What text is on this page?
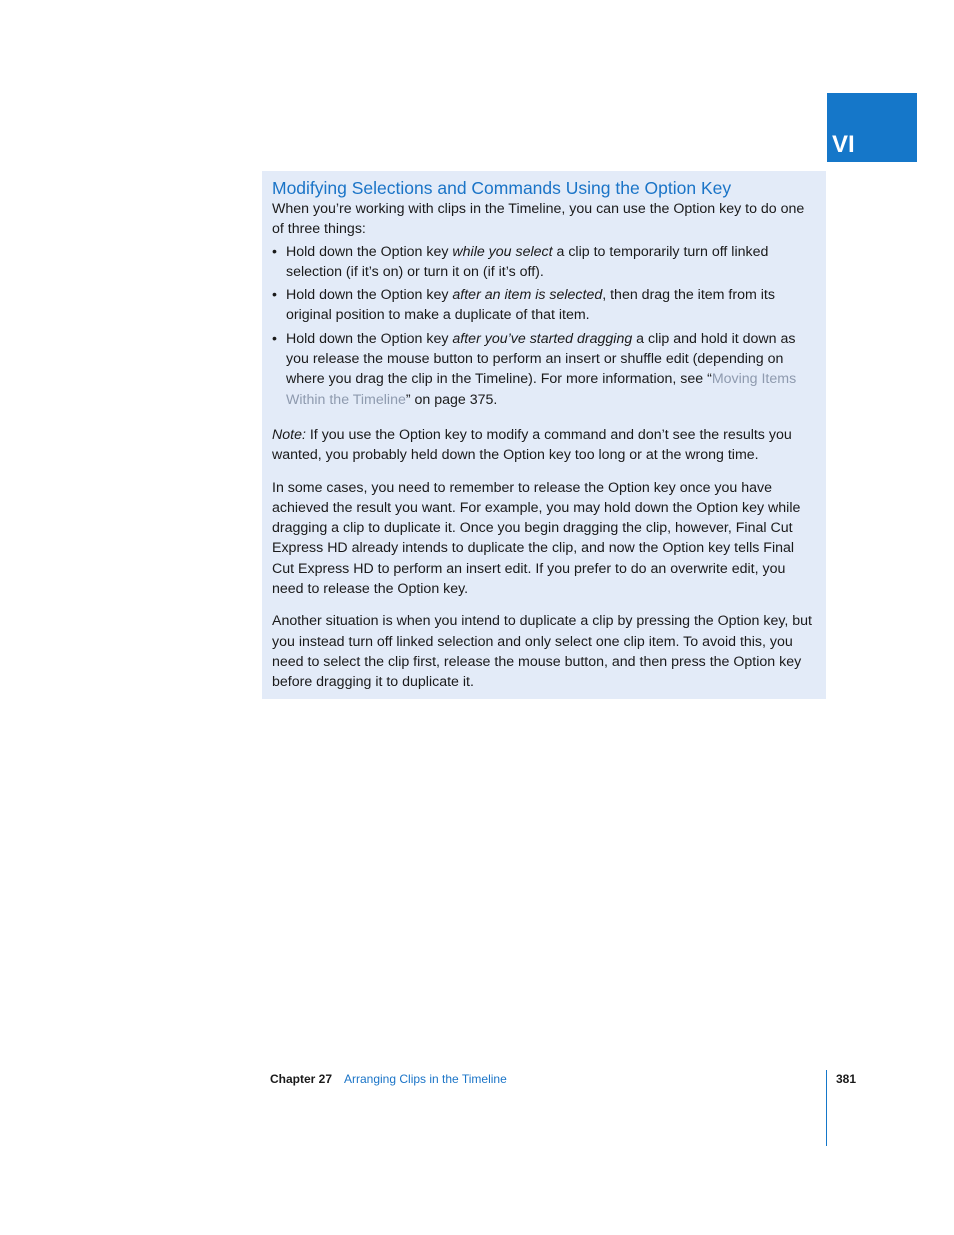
VI
Modifying Selections and Commands Using the Option Key

When you’re working with clips in the Timeline, you can use the Option key to do one of three things:

• Hold down the Option key while you select a clip to temporarily turn off linked selection (if it’s on) or turn it on (if it’s off).
• Hold down the Option key after an item is selected, then drag the item from its original position to make a duplicate of that item.
• Hold down the Option key after you’ve started dragging a clip and hold it down as you release the mouse button to perform an insert or shuffle edit (depending on where you drag the clip in the Timeline). For more information, see “Moving Items Within the Timeline” on page 375.

Note: If you use the Option key to modify a command and don’t see the results you wanted, you probably held down the Option key too long or at the wrong time.

In some cases, you need to remember to release the Option key once you have achieved the result you want. For example, you may hold down the Option key while dragging a clip to duplicate it. Once you begin dragging the clip, however, Final Cut Express HD already intends to duplicate the clip, and now the Option key tells Final Cut Express HD to perform an insert edit. If you prefer to do an overwrite edit, you need to release the Option key.

Another situation is when you intend to duplicate a clip by pressing the Option key, but you instead turn off linked selection and only select one clip item. To avoid this, you need to select the clip first, release the mouse button, and then press the Option key before dragging it to duplicate it.

Chapter 27 Arranging Clips in the Timeline	381
